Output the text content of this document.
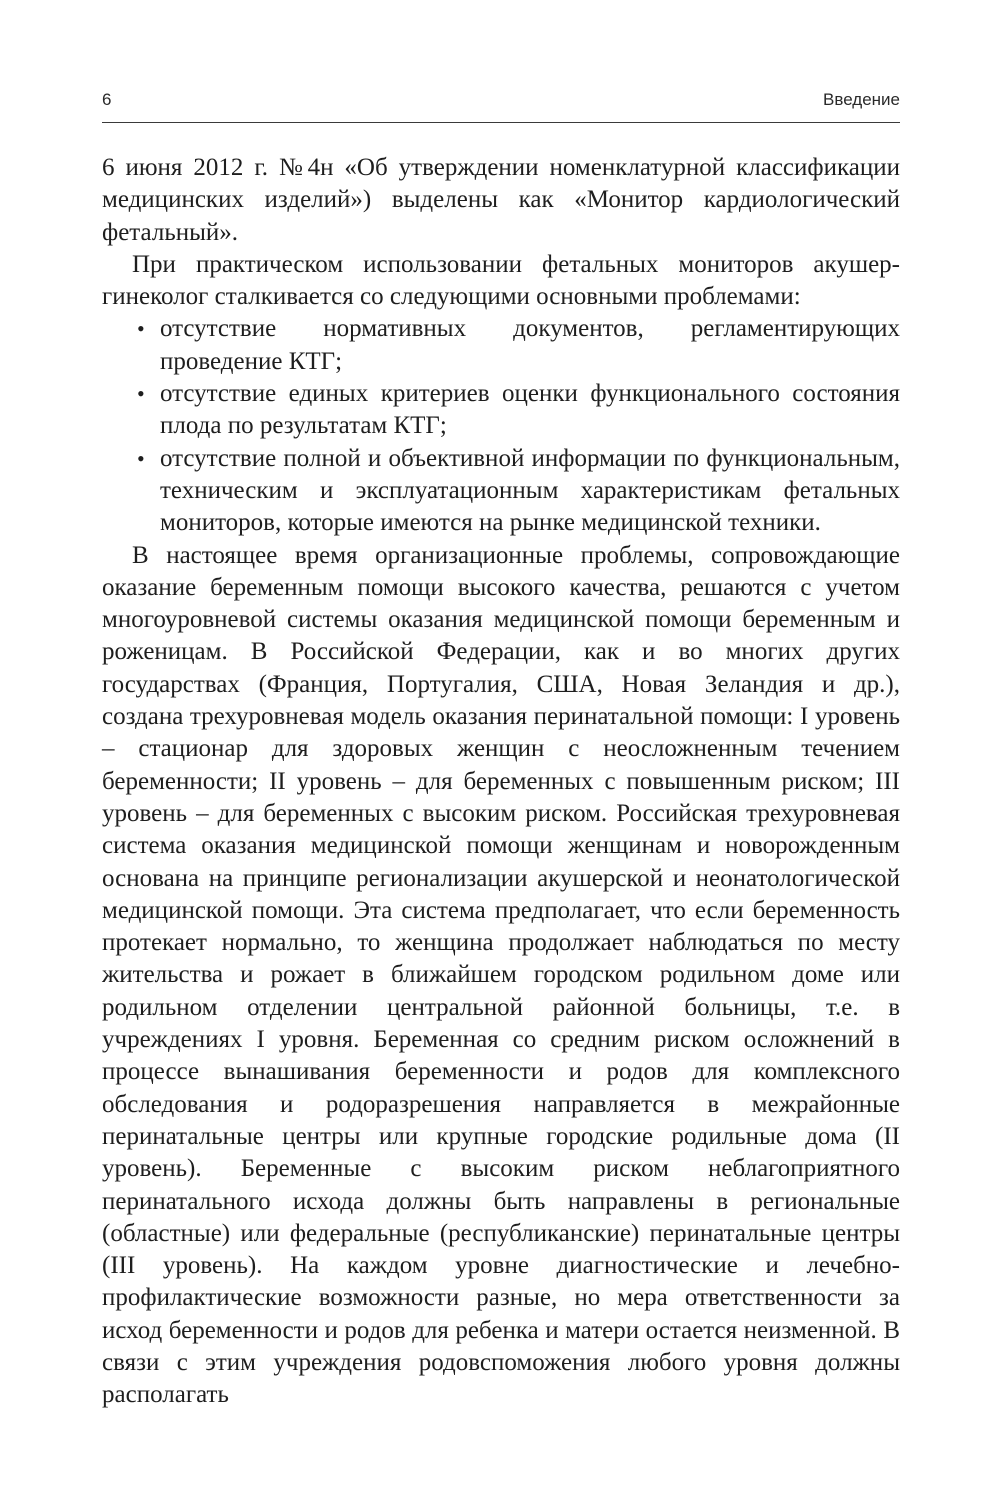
6	Введение

6 июня 2012 г. №4н «Об утверждении номенклатурной классификации медицинских изделий») выделены как «Монитор кардиологический фетальный».

При практическом использовании фетальных мониторов акушер-гинеколог сталкивается со следующими основными проблемами:

• отсутствие нормативных документов, регламентирующих проведение КТГ;
• отсутствие единых критериев оценки функционального состояния плода по результатам КТГ;
• отсутствие полной и объективной информации по функциональным, техническим и эксплуатационным характеристикам фетальных мониторов, которые имеются на рынке медицинской техники.

В настоящее время организационные проблемы, сопровождающие оказание беременным помощи высокого качества, решаются с учетом многоуровневой системы оказания медицинской помощи беременным и роженицам. В Российской Федерации, как и во многих других государствах (Франция, Португалия, США, Новая Зеландия и др.), создана трехуровневая модель оказания перинатальной помощи: I уровень – стационар для здоровых женщин с неосложненным течением беременности; II уровень – для беременных с повышенным риском; III уровень – для беременных с высоким риском. Российская трехуровневая система оказания медицинской помощи женщинам и новорожденным основана на принципе регионализации акушерской и неонатологической медицинской помощи. Эта система предполагает, что если беременность протекает нормально, то женщина продолжает наблюдаться по месту жительства и рожает в ближайшем городском родильном доме или родильном отделении центральной районной больницы, т.е. в учреждениях I уровня. Беременная со средним риском осложнений в процессе вынашивания беременности и родов для комплексного обследования и родоразрешения направляется в межрайонные перинатальные центры или крупные городские родильные дома (II уровень). Беременные с высоким риском неблагоприятного перинатального исхода должны быть направлены в региональные (областные) или федеральные (республиканские) перинатальные центры (III уровень). На каждом уровне диагностические и лечебно-профилактические возможности разные, но мера ответственности за исход беременности и родов для ребенка и матери остается неизменной. В связи с этим учреждения родовспоможения любого уровня должны располагать
